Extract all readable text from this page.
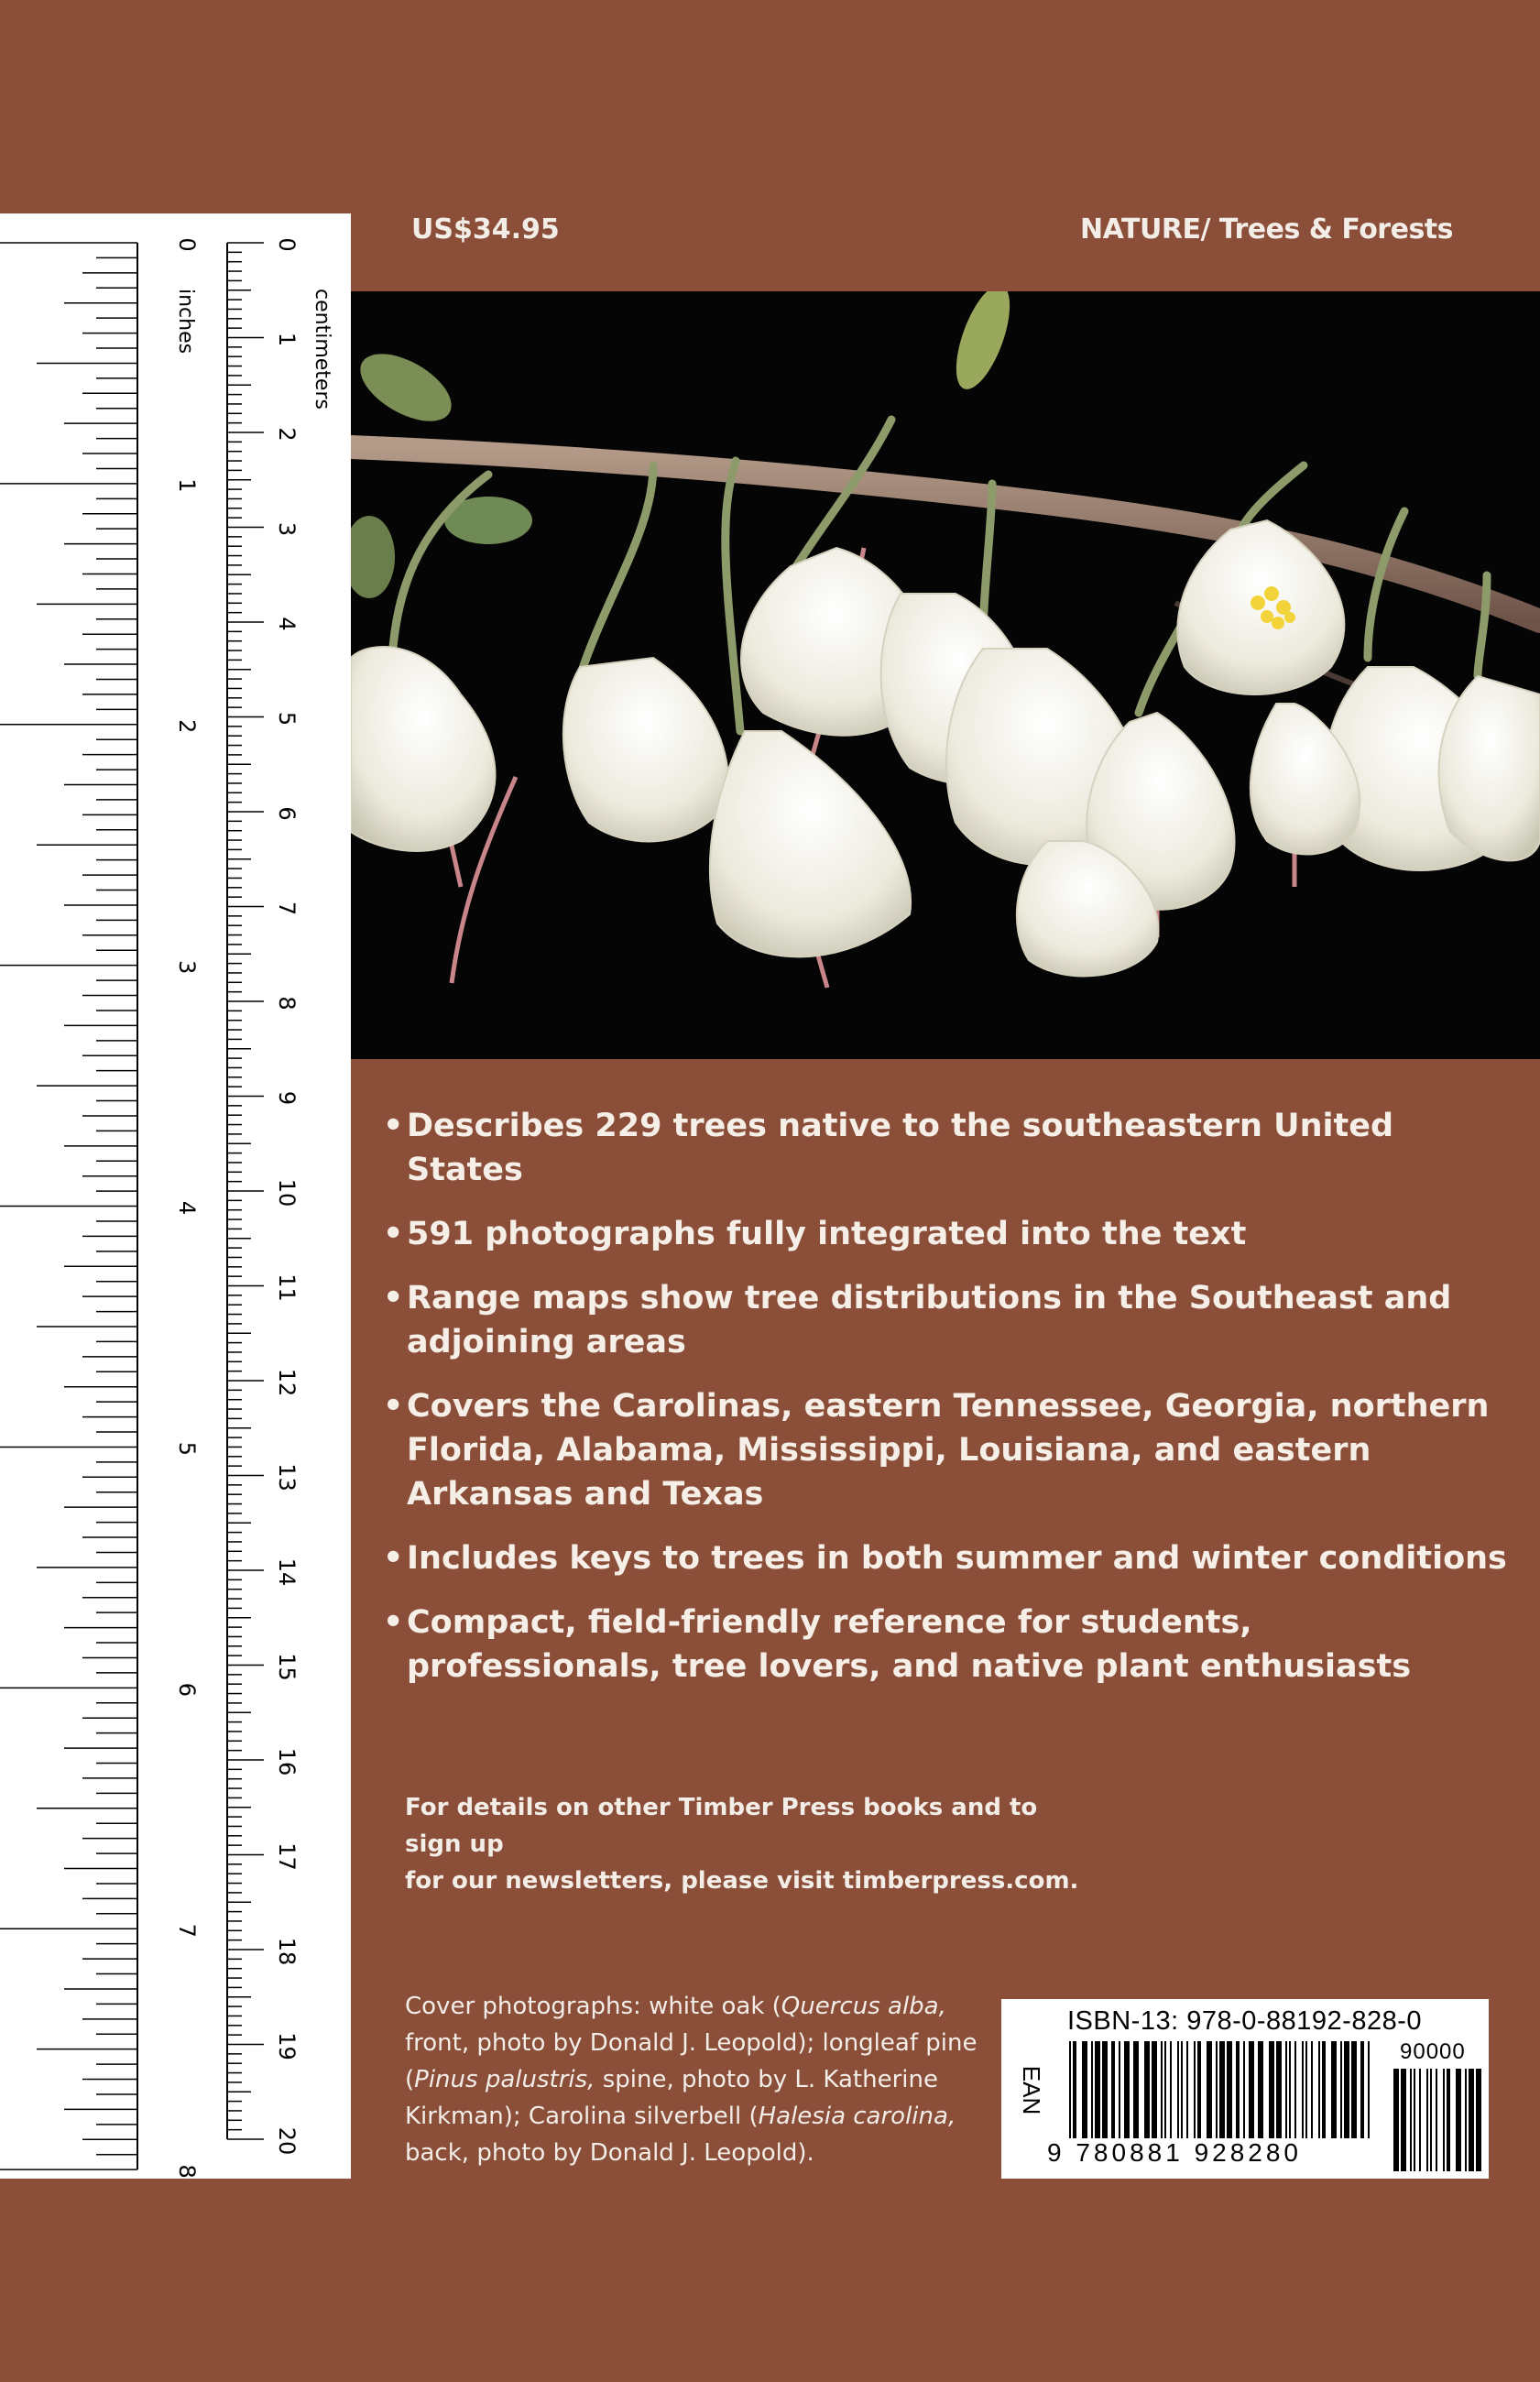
US$34.95	NATURE/ Trees & Forests
0
1
2
3
4
5
6
7
8
9
10
11
12
13
14
15
16
17
18
19
20
0
1
2
3
4
5
6
7
8
centimeters
inches
• Describes 229 trees native to the southeastern United States
• 591 photographs fully integrated into the text
• Range maps show tree distributions in the Southeast and adjoining areas
• Covers the Carolinas, eastern Tennessee, Georgia, northern Florida, Alabama, Mississippi, Louisiana, and eastern Arkansas and Texas
• Includes keys to trees in both summer and winter conditions
• Compact, field-friendly reference for students, professionals, tree lovers, and native plant enthusiasts

For details on other Timber Press books and to sign up

for our newsletters, please visit timberpress.com.

Cover photographs: white oak (Quercus alba, front, photo by Donald J. Leopold); longleaf pine (Pinus palustris, spine, photo by L. Katherine Kirkman); Carolina silverbell (Halesia carolina, back, photo by Donald J. Leopold).

ISBN-13: 978-0-88192-828-0
EAN
90000
9 780881 928280
